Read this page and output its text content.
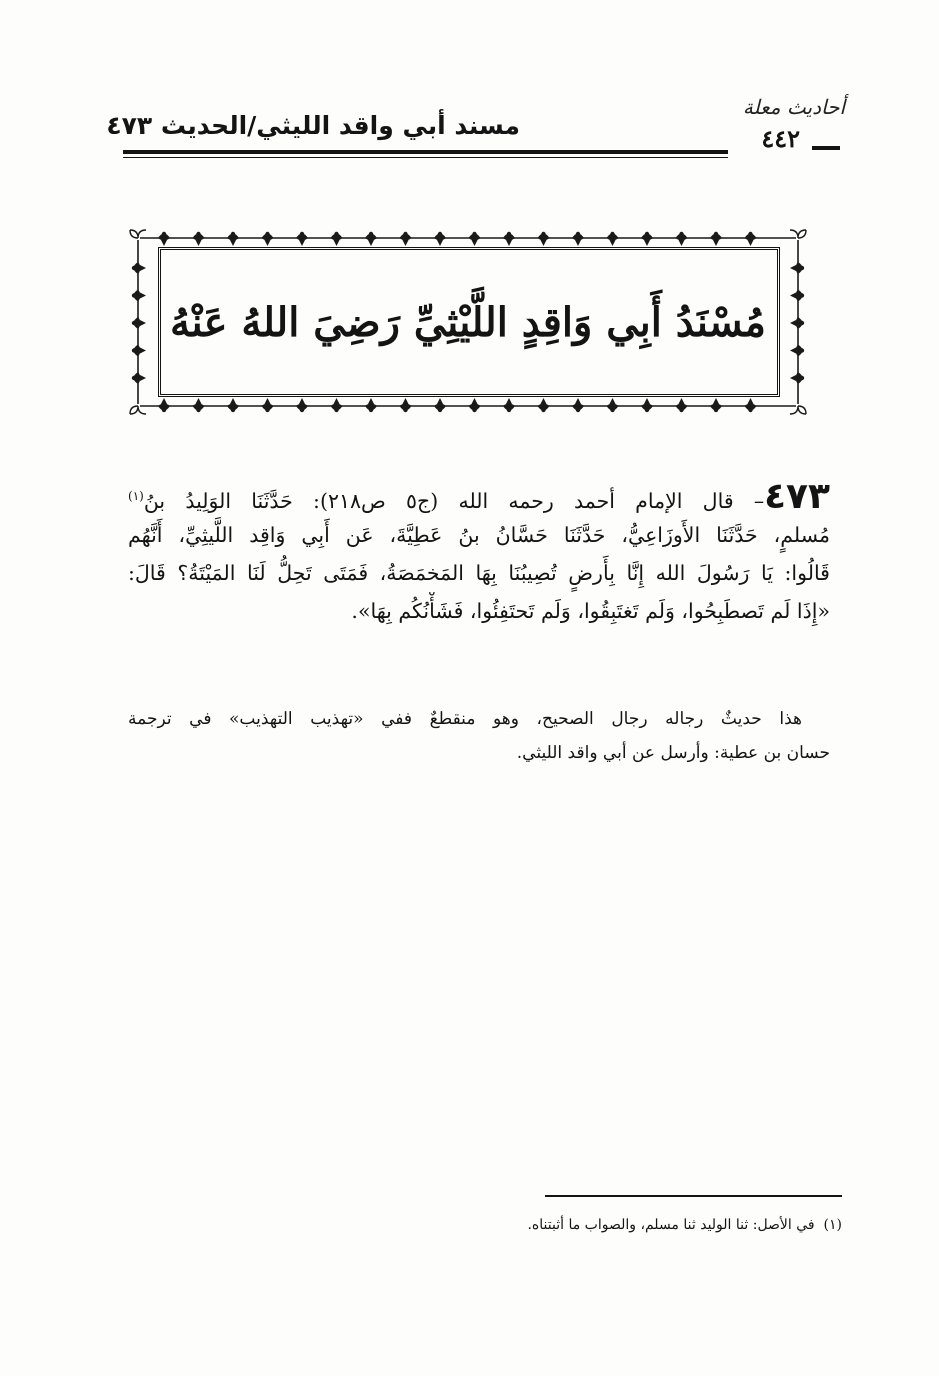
مسند أبي واقد الليثي/الحديث ٤٧٣
أحاديث معلة
٤٤٢
مُسْنَدُ أَبِي وَاقِدٍ اللَّيْثِيِّ رَضِيَ اللهُ عَنْهُ
٤٧٣– قال الإمام أحمد رحمه الله (ج٥ ص٢١٨): حَدَّثَنَا الوَلِيدُ بنُ$^{(١)}$
مُسلمٍ، حَدَّثَنَا الأَوزَاعِيُّ، حَدَّثَنَا حَسَّانُ بنُ عَطِيَّةَ، عَن أَبِي وَاقِد اللَّيثِيِّ، أَنَّهُم
قَالُوا: يَا رَسُولَ الله إِنَّا بِأَرضٍ تُصِيبُنَا بِهَا المَخمَصَةُ، فَمَتَى تَحِلُّ لَنَا المَيْتَةُ؟ قَالَ:
«إِذَا لَم تَصطَبِحُوا، وَلَم تَغتَبِقُوا، وَلَم تَحتَفِئُوا، فَشَأْنُكُم بِهَا».
هذا حديثٌ رجاله رجال الصحيح، وهو منقطعٌ ففي «تهذيب التهذيب» في ترجمة
حسان بن عطية: وأرسل عن أبي واقد الليثي.
(١)  في الأصل: ثنا الوليد ثنا مسلم، والصواب ما أثبتناه.
